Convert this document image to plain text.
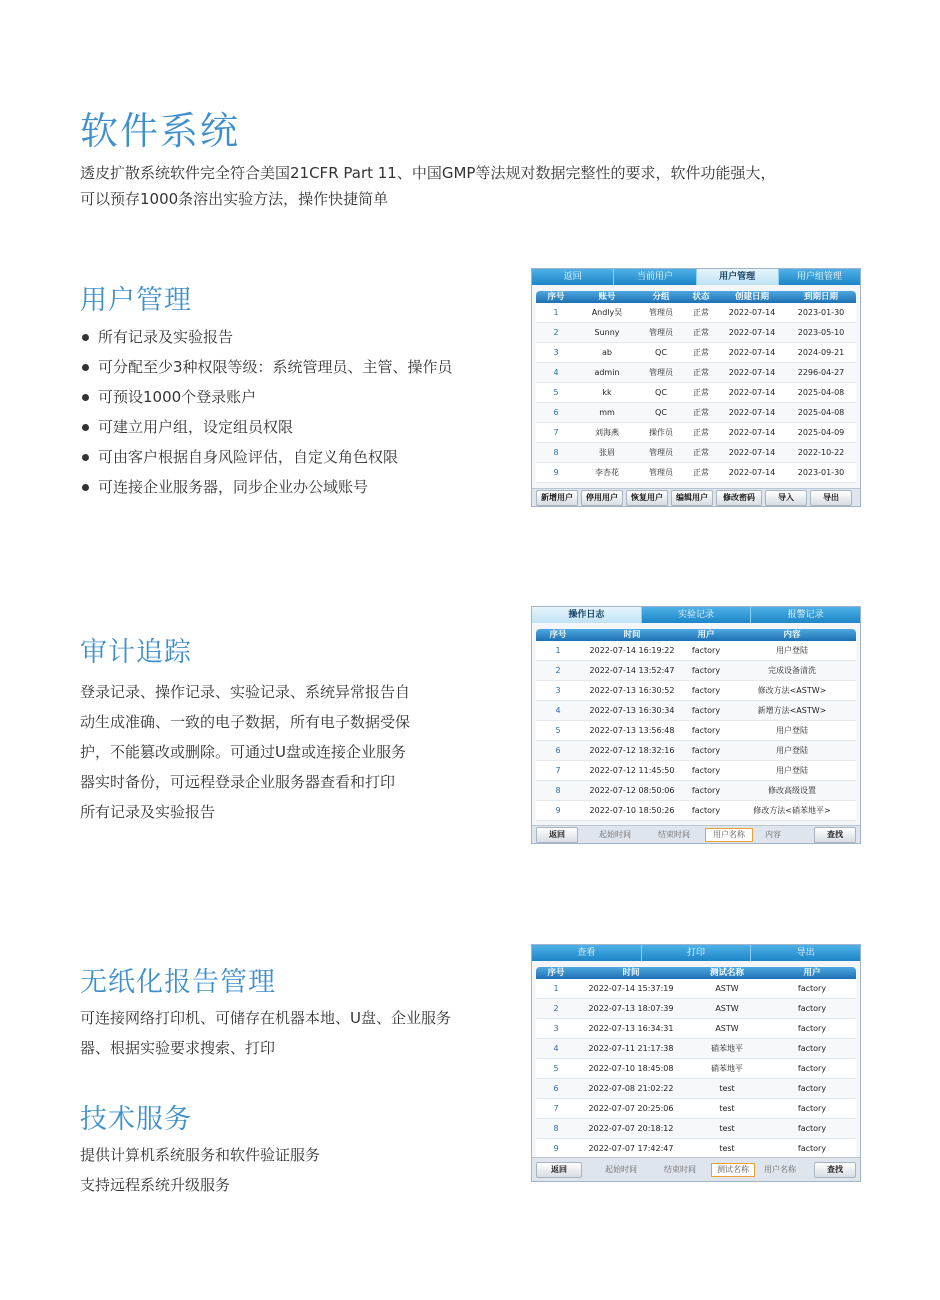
软件系统

透皮扩散系统软件完全符合美国21CFR Part 11、中国GMP等法规对数据完整性的要求，软件功能强大，

可以预存1000条溶出实验方法，操作快捷简单

用户管理
所有记录及实验报告
可分配至少3种权限等级：系统管理员、主管、操作员
可预设1000个登录账户
可建立用户组，设定组员权限
可由客户根据自身风险评估，自定义角色权限
可连接企业服务器，同步企业办公域账号
返回	当前用户	用户管理	用户组管理
序号	账号	分组	状态	创建日期	到期日期
1	Andly吴	管理员	正常	2022-07-14	2023-01-30
2	Sunny	管理员	正常	2022-07-14	2023-05-10
3	ab	QC	正常	2022-07-14	2024-09-21
4	admin	管理员	正常	2022-07-14	2296-04-27
5	kk	QC	正常	2022-07-14	2025-04-08
6	mm	QC	正常	2022-07-14	2025-04-08
7	刘海燕	操作员	正常	2022-07-14	2025-04-09
8	张眉	管理员	正常	2022-07-14	2022-10-22
9	李杏花	管理员	正常	2022-07-14	2023-01-30
新增用户	停用用户	恢复用户	编辑用户	修改密码	导入	导出
审计追踪

登录记录、操作记录、实验记录、系统异常报告自

动生成准确、一致的电子数据，所有电子数据受保

护，不能篡改或删除。可通过U盘或连接企业服务

器实时备份，可远程登录企业服务器查看和打印

所有记录及实验报告

操作日志	实验记录	报警记录
序号	时间	用户	内容
1	2022-07-14 16:19:22	factory	用户登陆
2	2022-07-14 13:52:47	factory	完成设备清洗
3	2022-07-13 16:30:52	factory	修改方法<ASTW>
4	2022-07-13 16:30:34	factory	新增方法<ASTW>
5	2022-07-13 13:56:48	factory	用户登陆
6	2022-07-12 18:32:16	factory	用户登陆
7	2022-07-12 11:45:50	factory	用户登陆
8	2022-07-12 08:50:06	factory	修改高级设置
9	2022-07-10 18:50:26	factory	修改方法<硝苯地平>
返回	起始时间	结束时间	用户名称	内容	查找
无纸化报告管理

可连接网络打印机、可储存在机器本地、U盘、企业服务

器、根据实验要求搜索、打印

查看	打印	导出
序号	时间	测试名称	用户
1	2022-07-14 15:37:19	ASTW	factory
2	2022-07-13 18:07:39	ASTW	factory
3	2022-07-13 16:34:31	ASTW	factory
4	2022-07-11 21:17:38	硝苯地平	factory
5	2022-07-10 18:45:08	硝苯地平	factory
6	2022-07-08 21:02:22	test	factory
7	2022-07-07 20:25:06	test	factory
8	2022-07-07 20:18:12	test	factory
9	2022-07-07 17:42:47	test	factory
返回	起始时间	结束时间	测试名称	用户名称	查找
技术服务

提供计算机系统服务和软件验证服务

支持远程系统升级服务
